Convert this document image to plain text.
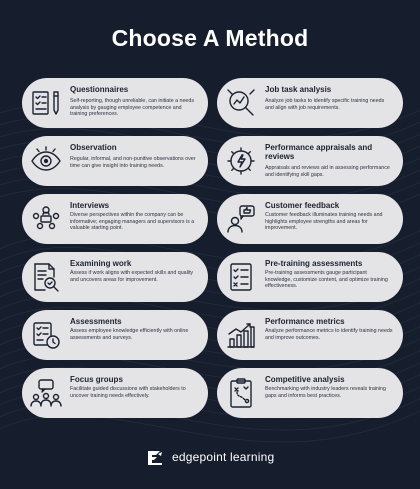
Choose A Method
Questionnaires
Self-reporting, though unreliable, can initiate a needs analysis by gauging employee competence and training preferences.
Job task analysis
Analyze job tasks to identify specific training needs and align with job requirements.
Observation
Regular, informal, and non-punitive observations over time can give insight into training needs.
Performance appraisals and reviews
Appraisals and reviews aid in assessing performance and identifying skill gaps.
Interviews
Diverse perspectives within the company can be informative; engaging managers and supervisors is a valuable starting point.
Customer feedback
Customer feedback illuminates training needs and highlights employee strengths and areas for improvement.
Examining work
Assess if work aligns with expected skills and quality and uncovers areas for improvement.
Pre-training assessments
Pre-training assessments gauge participant knowledge, customize content, and optimize training effectiveness.
Assessments
Assess employee knowledge efficiently with online assessments and surveys.
Performance metrics
Analyze performance metrics to identify training needs and improve outcomes.
Focus groups
Facilitate guided discussions with stakeholders to uncover training needs effectively.
Competitive analysis
Benchmarking with industry leaders reveals training gaps and informs best practices.
edgepoint learning
